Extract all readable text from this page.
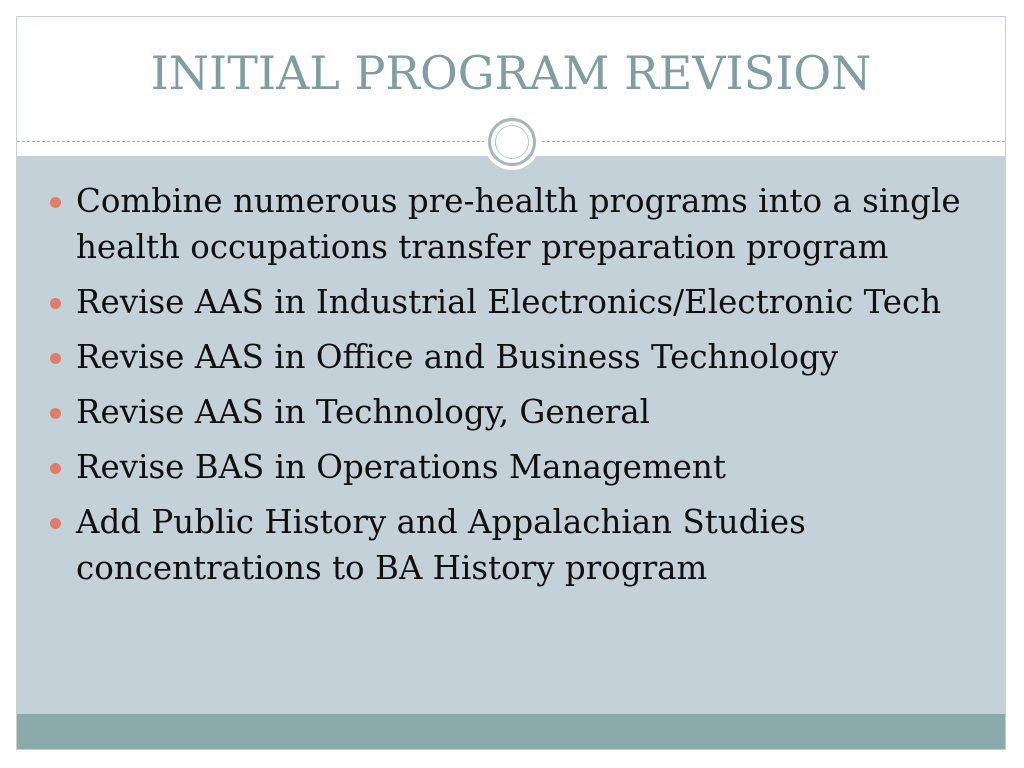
INITIAL PROGRAM REVISION
Combine numerous pre-health programs into a single health occupations transfer preparation program
Revise AAS in Industrial Electronics/Electronic Tech
Revise AAS in Office and Business Technology
Revise AAS in Technology, General
Revise BAS in Operations Management
Add Public History and Appalachian Studies concentrations to BA History program
